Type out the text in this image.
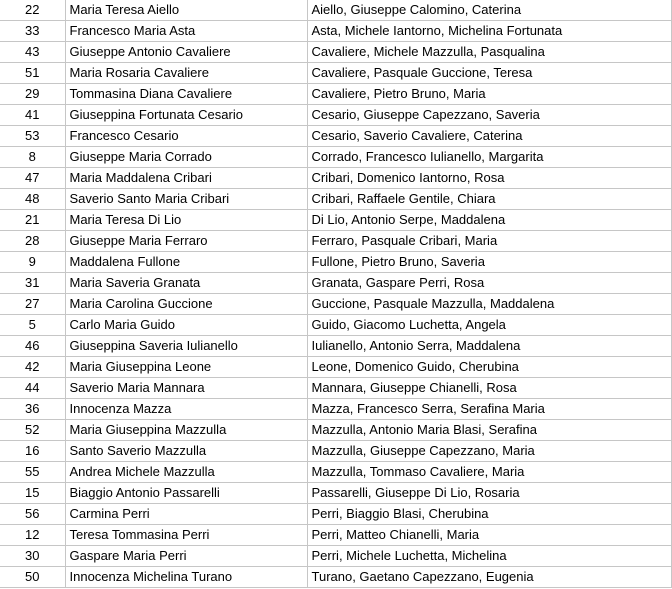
22	Maria Teresa Aiello	Aiello, Giuseppe Calomino, Caterina
33	Francesco Maria Asta	Asta, Michele Iantorno, Michelina Fortunata
43	Giuseppe Antonio Cavaliere	Cavaliere, Michele Mazzulla, Pasqualina
51	Maria Rosaria Cavaliere	Cavaliere, Pasquale Guccione, Teresa
29	Tommasina Diana Cavaliere	Cavaliere, Pietro Bruno, Maria
41	Giuseppina Fortunata Cesario	Cesario, Giuseppe Capezzano, Saveria
53	Francesco Cesario	Cesario, Saverio Cavaliere, Caterina
8	Giuseppe Maria Corrado	Corrado, Francesco Iulianello, Margarita
47	Maria Maddalena Cribari	Cribari, Domenico Iantorno, Rosa
48	Saverio Santo Maria Cribari	Cribari, Raffaele Gentile, Chiara
21	Maria Teresa Di Lio	Di Lio, Antonio Serpe, Maddalena
28	Giuseppe Maria Ferraro	Ferraro, Pasquale Cribari, Maria
9	Maddalena Fullone	Fullone, Pietro Bruno, Saveria
31	Maria Saveria Granata	Granata, Gaspare Perri, Rosa
27	Maria Carolina Guccione	Guccione, Pasquale Mazzulla, Maddalena
5	Carlo Maria Guido	Guido, Giacomo Luchetta, Angela
46	Giuseppina Saveria Iulianello	Iulianello, Antonio Serra, Maddalena
42	Maria Giuseppina Leone	Leone, Domenico Guido, Cherubina
44	Saverio Maria Mannara	Mannara, Giuseppe Chianelli, Rosa
36	Innocenza Mazza	Mazza, Francesco Serra, Serafina Maria
52	Maria Giuseppina Mazzulla	Mazzulla, Antonio Maria Blasi, Serafina
16	Santo Saverio Mazzulla	Mazzulla, Giuseppe Capezzano, Maria
55	Andrea Michele Mazzulla	Mazzulla, Tommaso Cavaliere, Maria
15	Biaggio Antonio Passarelli	Passarelli, Giuseppe Di Lio, Rosaria
56	Carmina Perri	Perri, Biaggio Blasi, Cherubina
12	Teresa Tommasina Perri	Perri, Matteo Chianelli, Maria
30	Gaspare Maria Perri	Perri, Michele Luchetta, Michelina
50	Innocenza Michelina Turano	Turano, Gaetano Capezzano, Eugenia
